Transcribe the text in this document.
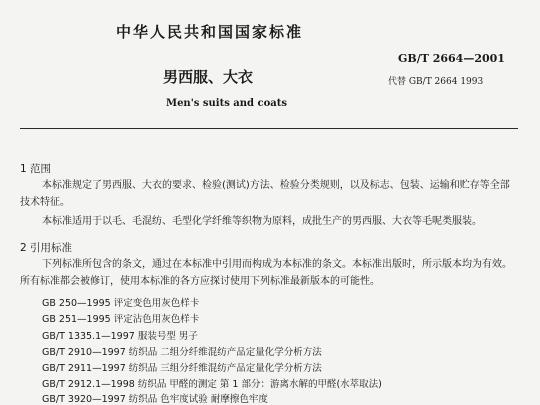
中华人民共和国国家标准
GB/T 2664—2001
男西服、大衣	代替 GB/T 2664 1993
Men's suits and coats
1 范围
本标准规定了男西服、大衣的要求、检验(测试)方法、检验分类规则，以及标志、包装、运输和贮存等全部技术特征。
本标准适用于以毛、毛混纺、毛型化学纤维等织物为原料，成批生产的男西服、大衣等毛呢类服装。
2 引用标准
下列标准所包含的条文，通过在本标准中引用而构成为本标准的条文。本标准出版时，所示版本均为有效。所有标准都会被修订，使用本标准的各方应探讨使用下列标准最新版本的可能性。
GB 250—1995 评定变色用灰色样卡
GB 251—1995 评定沾色用灰色样卡
GB/T 1335.1—1997 服装号型 男子
GB/T 2910—1997 纺织品 二组分纤维混纺产品定量化学分析方法
GB/T 2911—1997 纺织品 三组分纤维混纺产品定量化学分析方法
GB/T 2912.1—1998 纺织品 甲醛的测定 第 1 部分：游离水解的甲醛(水萃取法)
GB/T 3920—1997 纺织品 色牢度试验 耐摩擦色牢度
